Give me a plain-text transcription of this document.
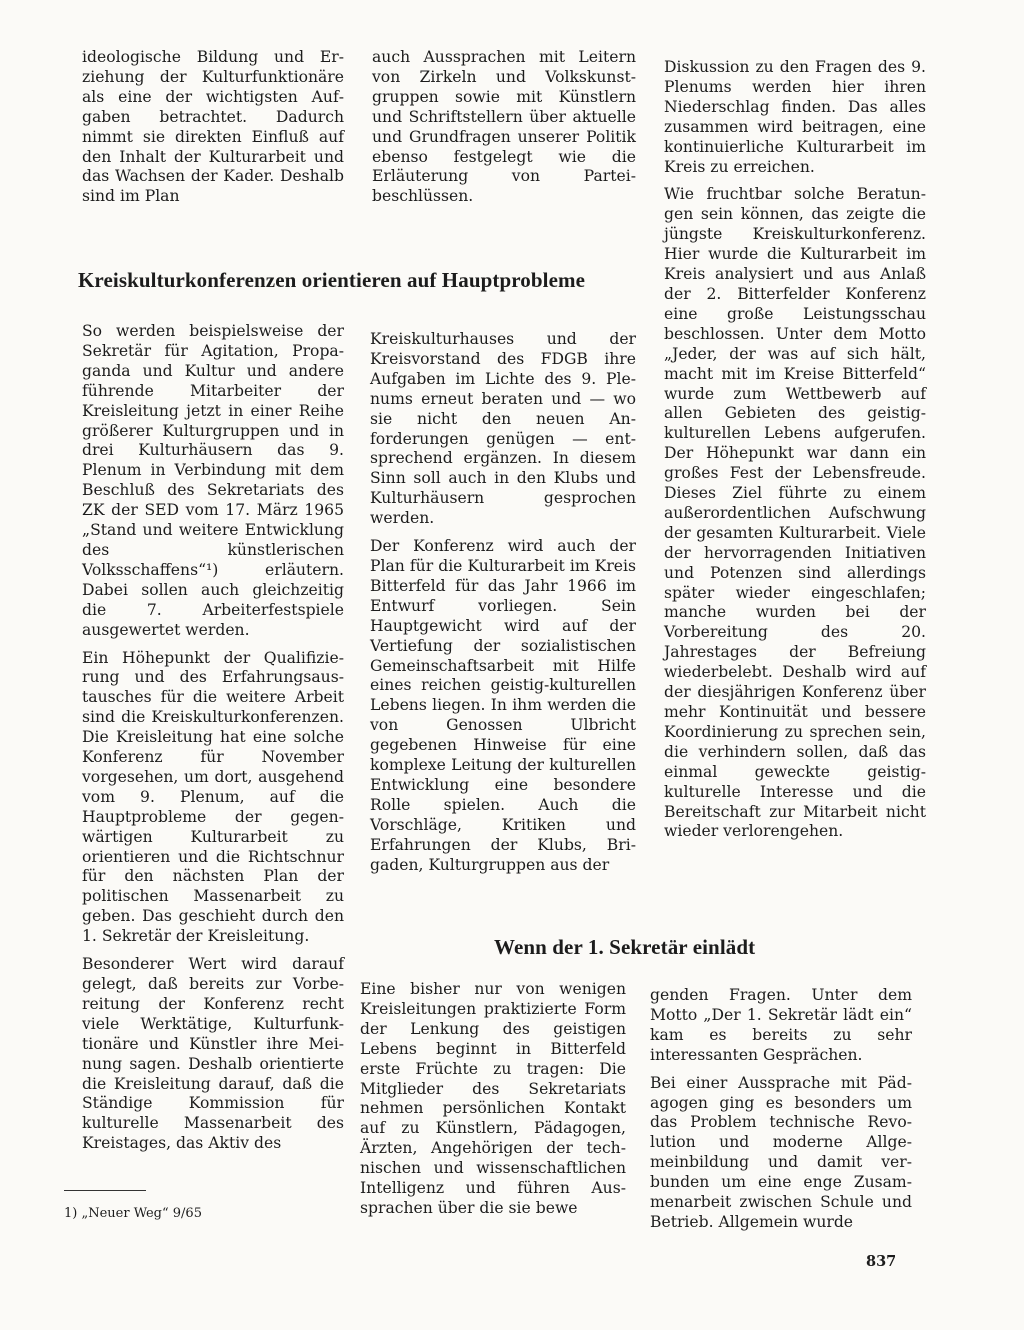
ideologische Bildung und Erziehung der Kulturfunktionäre als eine der wichtigsten Aufgaben betrachtet. Dadurch nimmt sie direkten Einfluß auf den Inhalt der Kulturarbeit und das Wachsen der Kader. Deshalb sind im Plan

auch Aussprachen mit Leitern von Zirkeln und Volkskunstgruppen sowie mit Künstlern und Schriftstellern über aktuelle und Grundfragen unserer Politik ebenso festgelegt wie die Erläuterung von Parteibeschlüssen.

Diskussion zu den Fragen des 9. Plenums werden hier ihren Niederschlag finden. Das alles zusammen wird beitragen, eine kontinuierliche Kulturarbeit im Kreis zu erreichen.

Wie fruchtbar solche Beratungen sein können, das zeigte die jüngste Kreiskulturkonferenz. Hier wurde die Kulturarbeit im Kreis analysiert und aus Anlaß der 2. Bitterfelder Konferenz eine große Leistungsschau beschlossen. Unter dem Motto „Jeder, der was auf sich hält, macht mit im Kreise Bitterfeld“ wurde zum Wettbewerb auf allen Gebieten des geistig-kulturellen Lebens aufgerufen. Der Höhepunkt war dann ein großes Fest der Lebensfreude. Dieses Ziel führte zu einem außerordentlichen Aufschwung der gesamten Kulturarbeit. Viele der hervorragenden Initiativen und Potenzen sind allerdings später wieder eingeschlafen; manche wurden bei der Vorbereitung des 20. Jahrestages der Befreiung wiederbelebt. Deshalb wird auf der diesjährigen Konferenz über mehr Kontinuität und bessere Koordinierung zu sprechen sein, die verhindern sollen, daß das einmal geweckte geistig-kulturelle Interesse und die Bereitschaft zur Mitarbeit nicht wieder verlorengehen.

Kreiskulturkonferenzen orientieren auf Hauptprobleme

So werden beispielsweise der Sekretär für Agitation, Propaganda und Kultur und andere führende Mitarbeiter der Kreisleitung jetzt in einer Reihe größerer Kulturgruppen und in drei Kulturhäusern das 9. Plenum in Verbindung mit dem Beschluß des Sekretariats des ZK der SED vom 17. März 1965 „Stand und weitere Entwicklung des künstlerischen Volksschaffens“¹) erläutern. Dabei sollen auch gleichzeitig die 7. Arbeiterfestspiele ausgewertet werden.

Ein Höhepunkt der Qualifizierung und des Erfahrungsaustausches für die weitere Arbeit sind die Kreiskulturkonferenzen. Die Kreisleitung hat eine solche Konferenz für November vorgesehen, um dort, ausgehend vom 9. Plenum, auf die Hauptprobleme der gegenwärtigen Kulturarbeit zu orientieren und die Richtschnur für den nächsten Plan der politischen Massenarbeit zu geben. Das geschieht durch den 1. Sekretär der Kreisleitung.

Besonderer Wert wird darauf gelegt, daß bereits zur Vorbereitung der Konferenz recht viele Werktätige, Kulturfunktionäre und Künstler ihre Meinung sagen. Deshalb orientierte die Kreisleitung darauf, daß die Ständige Kommission für kulturelle Massenarbeit des Kreistages, das Aktiv des

Kreiskulturhauses und der Kreisvorstand des FDGB ihre Aufgaben im Lichte des 9. Plenums erneut beraten und — wo sie nicht den neuen Anforderungen genügen — entsprechend ergänzen. In diesem Sinn soll auch in den Klubs und Kulturhäusern gesprochen werden.

Der Konferenz wird auch der Plan für die Kulturarbeit im Kreis Bitterfeld für das Jahr 1966 im Entwurf vorliegen. Sein Hauptgewicht wird auf der Vertiefung der sozialistischen Gemeinschaftsarbeit mit Hilfe eines reichen geistig-kulturellen Lebens liegen. In ihm werden die von Genossen Ulbricht gegebenen Hinweise für eine komplexe Leitung der kulturellen Entwicklung eine besondere Rolle spielen. Auch die Vorschläge, Kritiken und Erfahrungen der Klubs, Brigaden, Kulturgruppen aus der

Wenn der 1. Sekretär einlädt

Eine bisher nur von wenigen Kreisleitungen praktizierte Form der Lenkung des geistigen Lebens beginnt in Bitterfeld erste Früchte zu tragen: Die Mitglieder des Sekretariats nehmen persönlichen Kontakt auf zu Künstlern, Pädagogen, Ärzten, Angehörigen der technischen und wissenschaftlichen Intelligenz und führen Aussprachen über die sie bewe

genden Fragen. Unter dem Motto „Der 1. Sekretär lädt ein“ kam es bereits zu sehr interessanten Gesprächen.

Bei einer Aussprache mit Pädagogen ging es besonders um das Problem technische Revolution und moderne Allgemeinbildung und damit verbunden um eine enge Zusammenarbeit zwischen Schule und Betrieb. Allgemein wurde

1) „Neuer Weg“ 9/65
837
